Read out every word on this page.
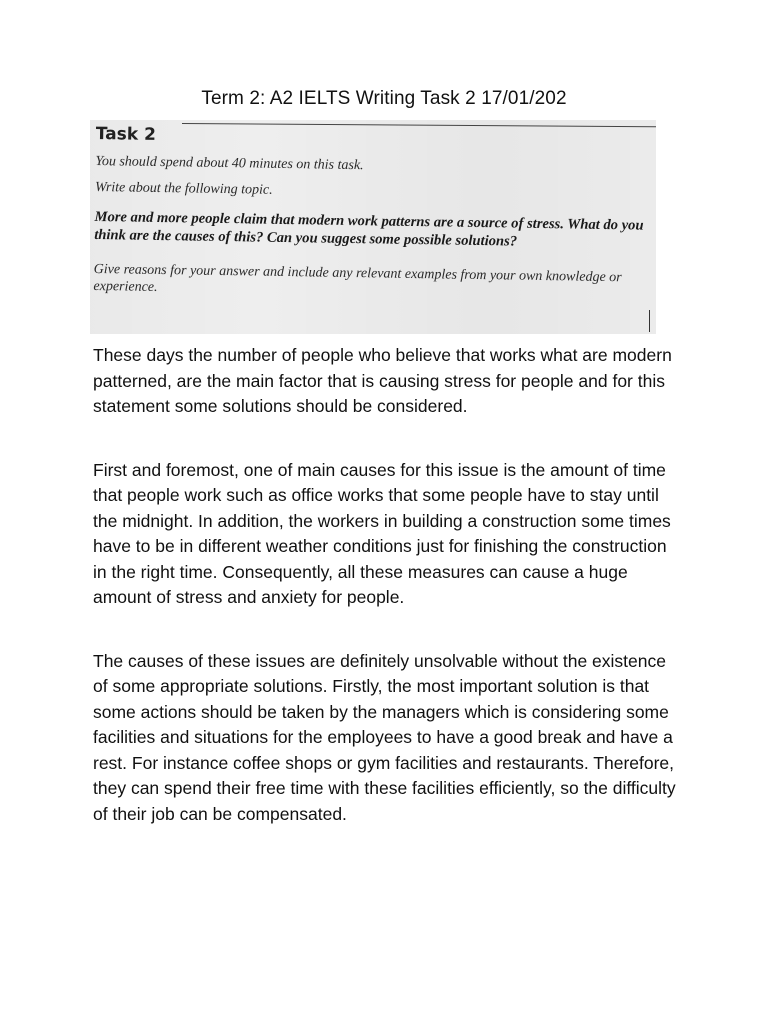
Term 2: A2 IELTS Writing Task 2 17/01/202
Task 2
You should spend about 40 minutes on this task.
Write about the following topic.
More and more people claim that modern work patterns are a source of stress. What do you think are the causes of this? Can you suggest some possible solutions?
Give reasons for your answer and include any relevant examples from your own knowledge or experience.

These days the number of people who believe that works what are modern patterned, are the main factor that is causing stress for people and for this statement some solutions should be considered.

First and foremost, one of main causes for this issue is the amount of time that people work such as office works that some people have to stay until the midnight. In addition, the workers in building a construction some times have to be in different weather conditions just for finishing the construction in the right time. Consequently, all these measures can cause a huge amount of stress and anxiety for people.

The causes of these issues are definitely unsolvable without the existence of some appropriate solutions. Firstly, the most important solution is that some actions should be taken by the managers which is considering some facilities and situations for the employees to have a good break and have a rest. For instance coffee shops or gym facilities and restaurants. Therefore, they can spend their free time with these facilities efficiently, so the difficulty of their job can be compensated.
